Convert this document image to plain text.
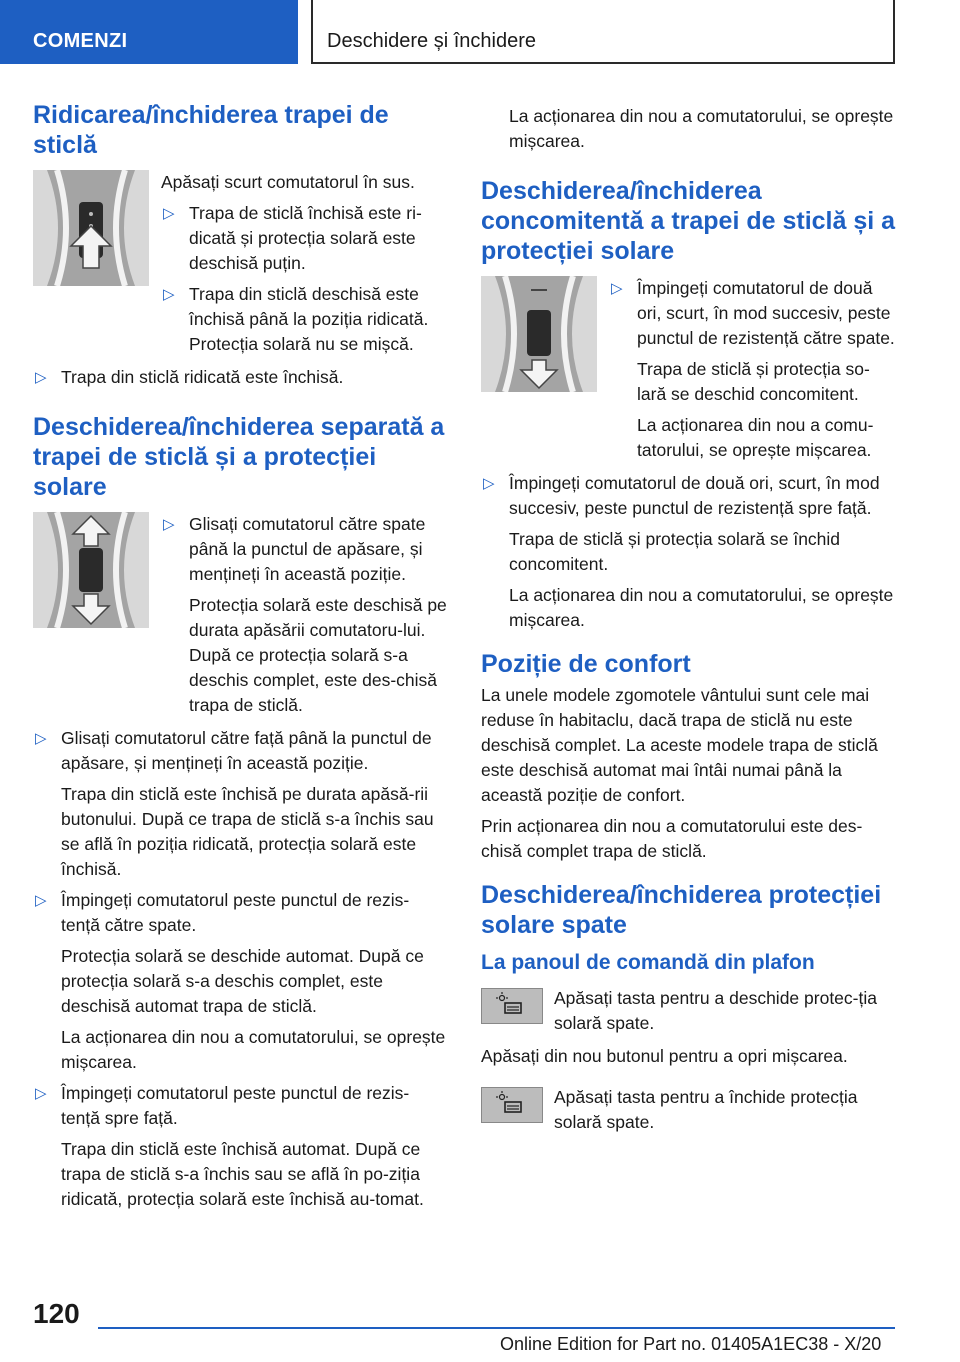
COMENZI	Deschidere și închidere
Ridicarea/închiderea trapei de sticlă

Apăsați scurt comutatorul în sus.

▷ Trapa de sticlă închisă este ri-dicată și protecția solară este deschisă puțin.
▷ Trapa din sticlă deschisă este închisă până la poziția ridicată. Protecția solară nu se mișcă.
▷ Trapa din sticlă ridicată este închisă.
Deschiderea/închiderea separată a trapei de sticlă și a protecției solare
▷ Glisați comutatorul către spate până la punctul de apăsare, și mențineți în această poziție.
Protecția solară este deschisă pe durata apăsării comutatoru-lui. După ce protecția solară s-a deschis complet, este des-chisă trapa de sticlă.
▷ Glisați comutatorul către față până la punctul de apăsare, și mențineți în această poziție.
Trapa din sticlă este închisă pe durata apăsă-rii butonului. După ce trapa de sticlă s-a închis sau se află în poziția ridicată, protecția solară este închisă.
▷ Împingeți comutatorul peste punctul de rezis-tență către spate.
Protecția solară se deschide automat. După ce protecția solară s-a deschis complet, este deschisă automat trapa de sticlă.
La acționarea din nou a comutatorului, se oprește mișcarea.
▷ Împingeți comutatorul peste punctul de rezis-tență spre față.
Trapa din sticlă este închisă automat. După ce trapa de sticlă s-a închis sau se află în po-ziția ridicată, protecția solară este închisă au-tomat.
La acționarea din nou a comutatorului, se oprește mișcarea.
Deschiderea/închiderea concomitentă a trapei de sticlă și a protecției solare
▷ Împingeți comutatorul de două ori, scurt, în mod succesiv, peste punctul de rezistență către spate.
Trapa de sticlă și protecția so-lară se deschid concomitent.
La acționarea din nou a comu-tatorului, se oprește mișcarea.
▷ Împingeți comutatorul de două ori, scurt, în mod succesiv, peste punctul de rezistență spre față.
Trapa de sticlă și protecția solară se închid concomitent.
La acționarea din nou a comutatorului, se oprește mișcarea.
Poziție de confort

La unele modele zgomotele vântului sunt cele mai reduse în habitaclu, dacă trapa de sticlă nu este deschisă complet. La aceste modele trapa de sticlă este deschisă automat mai întâi numai până la această poziție de confort.

Prin acționarea din nou a comutatorului este des-chisă complet trapa de sticlă.

Deschiderea/închiderea protecției solare spate
La panoul de comandă din plafon

Apăsați tasta pentru a deschide protec-ția solară spate.

Apăsați din nou butonul pentru a opri mișcarea.

Apăsați tasta pentru a închide protecția solară spate.

120
Online Edition for Part no. 01405A1EC38 - X/20
